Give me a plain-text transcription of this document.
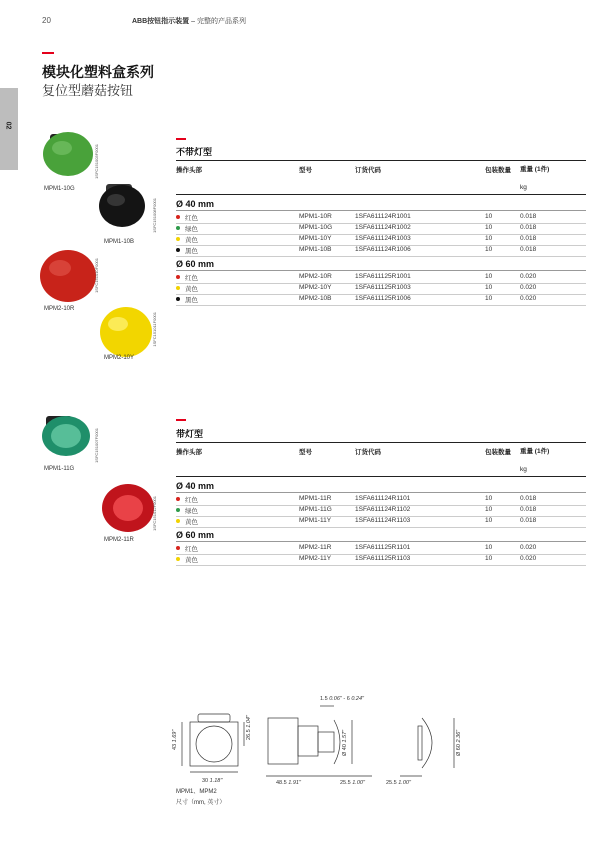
20	ABB按钮指示装置 – 完整的产品系列
模块化塑料盒系列
复位型蘑菇按钮
02
MPM1-10G
MPM1-10B
MPM2-10R
MPM2-10Y
1SFC151003F0001
1SFC151008F0001
1SFC151010F0001
1SFC151011F0001
MPM1-11G
MPM2-11R
1SFC151007F0001
1SFC151012F0001
不带灯型
操作头部	型号	订货代码	包装数量 重量 (1件)
kg
Ø 40 mm
红色	MPM1-10R	1SFA611124R1001	10	0.018
绿色	MPM1-10G	1SFA611124R1002	10	0.018
黄色	MPM1-10Y	1SFA611124R1003	10	0.018
黑色	MPM1-10B	1SFA611124R1006	10	0.018
Ø 60 mm
红色	MPM2-10R	1SFA611125R1001	10	0.020
黄色	MPM2-10Y	1SFA611125R1003	10	0.020
黑色	MPM2-10B	1SFA611125R1006	10	0.020
带灯型
操作头部	型号	订货代码	包装数量 重量 (1件)
kg
Ø 40 mm
红色	MPM1-11R	1SFA611124R1101	10	0.018
绿色	MPM1-11G	1SFA611124R1102	10	0.018
黄色	MPM1-11Y	1SFA611124R1103	10	0.018
Ø 60 mm
红色	MPM2-11R	1SFA611125R1101	10	0.020
黄色	MPM2-11Y	1SFA611125R1103	10	0.020
43 1.69"	26.5 1.04"
30 1.18"	48.5 1.91"
Ø 40 1.57"
25.5 1.00"	25.5 1.00"
Ø 60 2.36"
1.5 0.06" - 6 0.24"
MPM1、MPM2
尺寸（mm, 英寸）
